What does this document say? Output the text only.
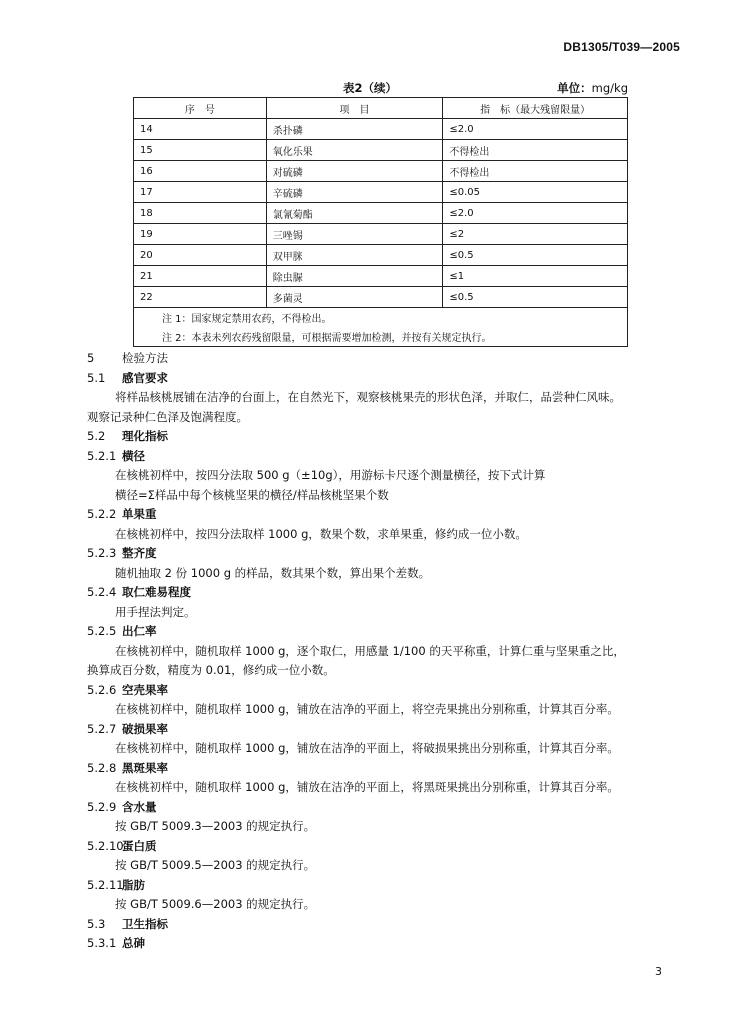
DB1305/T039—2005
表2（续）	单位：mg/kg
序　号	项　目	指　标（最大残留限量）
14	杀扑磷	≤2.0
15	氧化乐果	不得检出
16	对硫磷	不得检出
17	辛硫磷	≤0.05
18	氯氰菊酯	≤2.0
19	三唑锡	≤2
20	双甲脒	≤0.5
21	除虫脲	≤1
22	多菌灵	≤0.5
注 1：国家规定禁用农药，不得检出。		
注 2：本表未列农药残留限量，可根据需要增加检测，并按有关规定执行。		
5 检验方法
5.1 感官要求
将样品核桃展铺在洁净的台面上，在自然光下，观察核桃果壳的形状色泽，并取仁，品尝种仁风味。
观察记录种仁色泽及饱满程度。
5.2 理化指标
5.2.1 横径
在核桃初样中，按四分法取 500 g（±10g），用游标卡尺逐个测量横径，按下式计算
横径=Σ样品中每个核桃坚果的横径/样品核桃坚果个数
5.2.2 单果重
在核桃初样中，按四分法取样 1000 g，数果个数，求单果重，修约成一位小数。
5.2.3 整齐度
随机抽取 2 份 1000 g 的样品，数其果个数，算出果个差数。
5.2.4 取仁难易程度
用手捏法判定。
5.2.5 出仁率
在核桃初样中，随机取样 1000 g，逐个取仁，用感量 1/100 的天平称重，计算仁重与坚果重之比，
换算成百分数，精度为 0.01，修约成一位小数。
5.2.6 空壳果率
在核桃初样中，随机取样 1000 g，铺放在洁净的平面上，将空壳果挑出分别称重，计算其百分率。
5.2.7 破损果率
在核桃初样中，随机取样 1000 g，铺放在洁净的平面上，将破损果挑出分别称重，计算其百分率。
5.2.8 黑斑果率
在核桃初样中，随机取样 1000 g，铺放在洁净的平面上，将黑斑果挑出分别称重，计算其百分率。
5.2.9 含水量
按 GB/T 5009.3—2003 的规定执行。
5.2.10蛋白质
按 GB/T 5009.5—2003 的规定执行。
5.2.11脂肪
按 GB/T 5009.6—2003 的规定执行。
5.3 卫生指标
5.3.1 总砷
3
